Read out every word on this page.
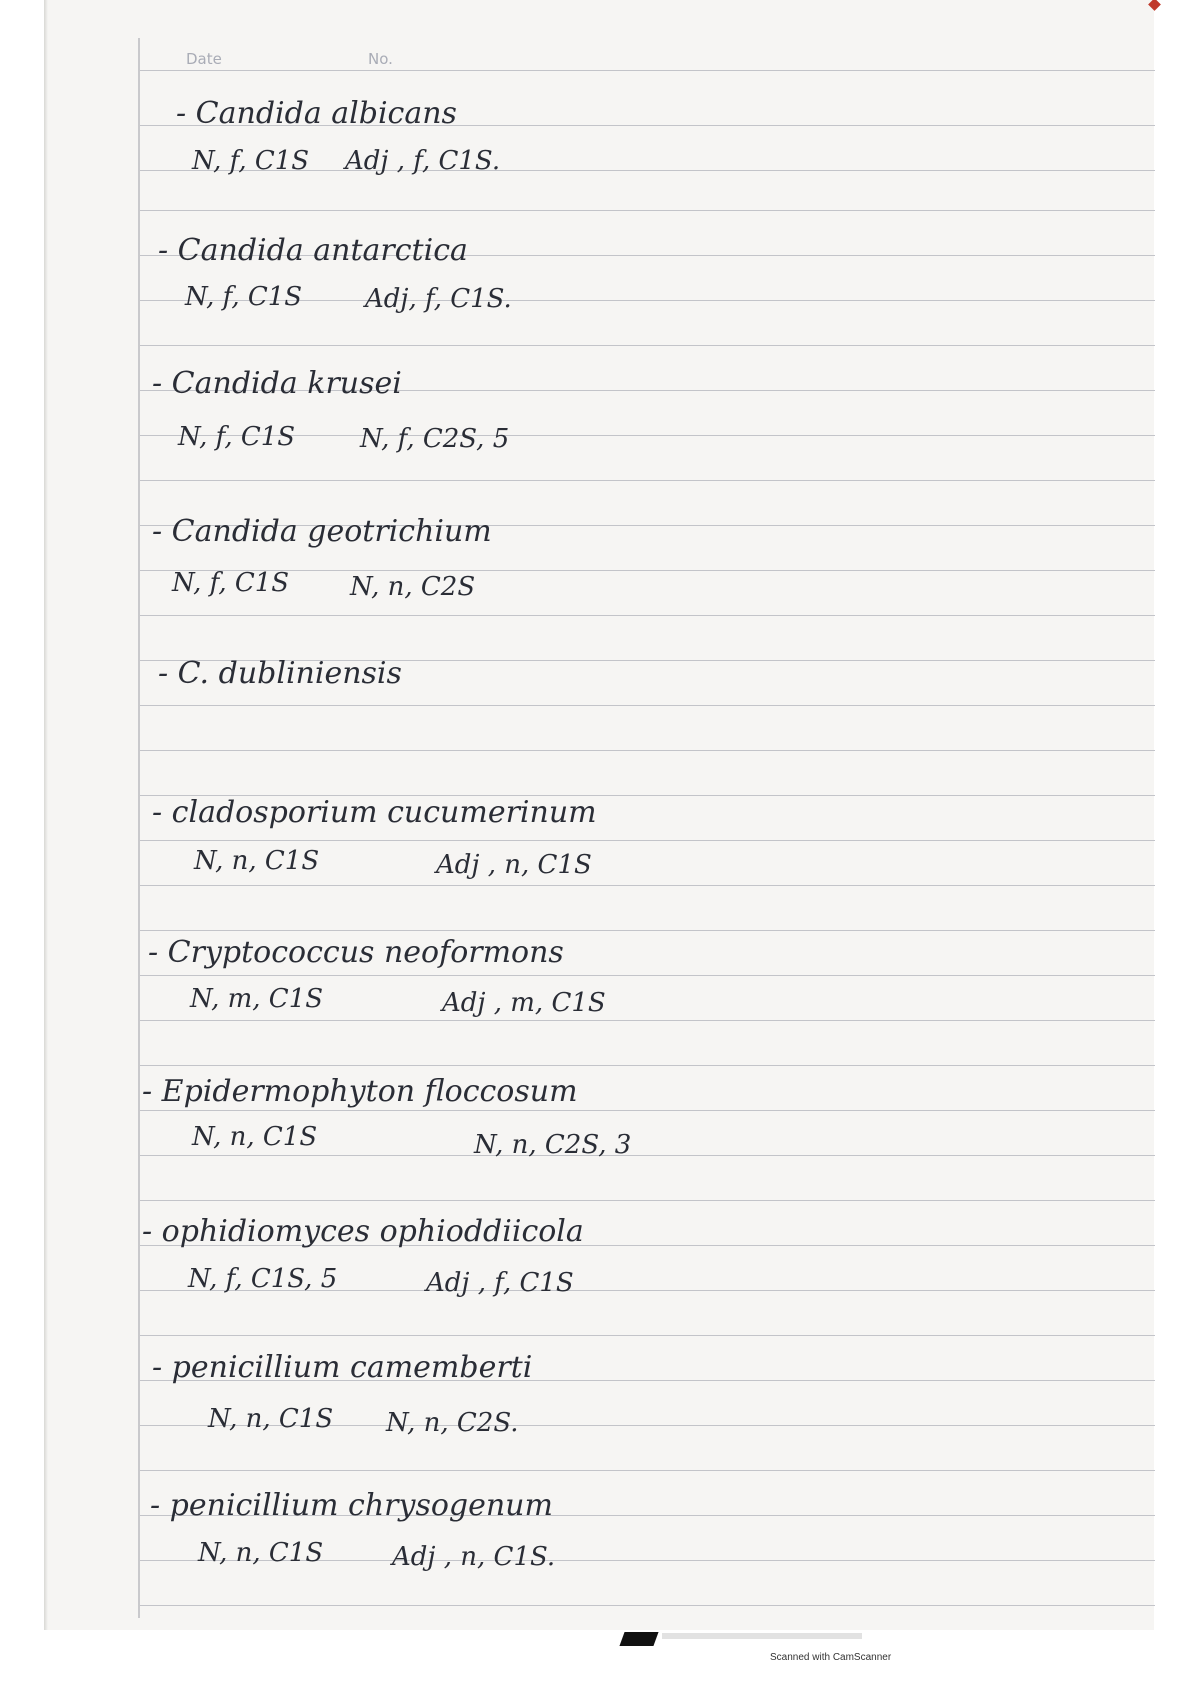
Date	No.
- Candida albicans
N, f, C1S Adj , f, C1S.
- Candida antarctica
N, f, C1S Adj, f, C1S.
- Candida krusei
N, f, C1S N, f, C2S, 5
- Candida geotrichium
N, f, C1S N, n, C2S
- C. dubliniensis
- cladosporium cucumerinum
N, n, C1S	Adj , n, C1S
- Cryptococcus neoformons
N, m, C1S	Adj , m, C1S
- Epidermophyton floccosum
N, n, C1S	N, n, C2S, 3
- ophidiomyces ophioddiicola
N, f, C1S, 5	Adj , f, C1S
- penicillium camemberti
N, n, C1S N, n, C2S.
- penicillium chrysogenum
N, n, C1S	Adj , n, C1S.
Scanned with CamScanner
